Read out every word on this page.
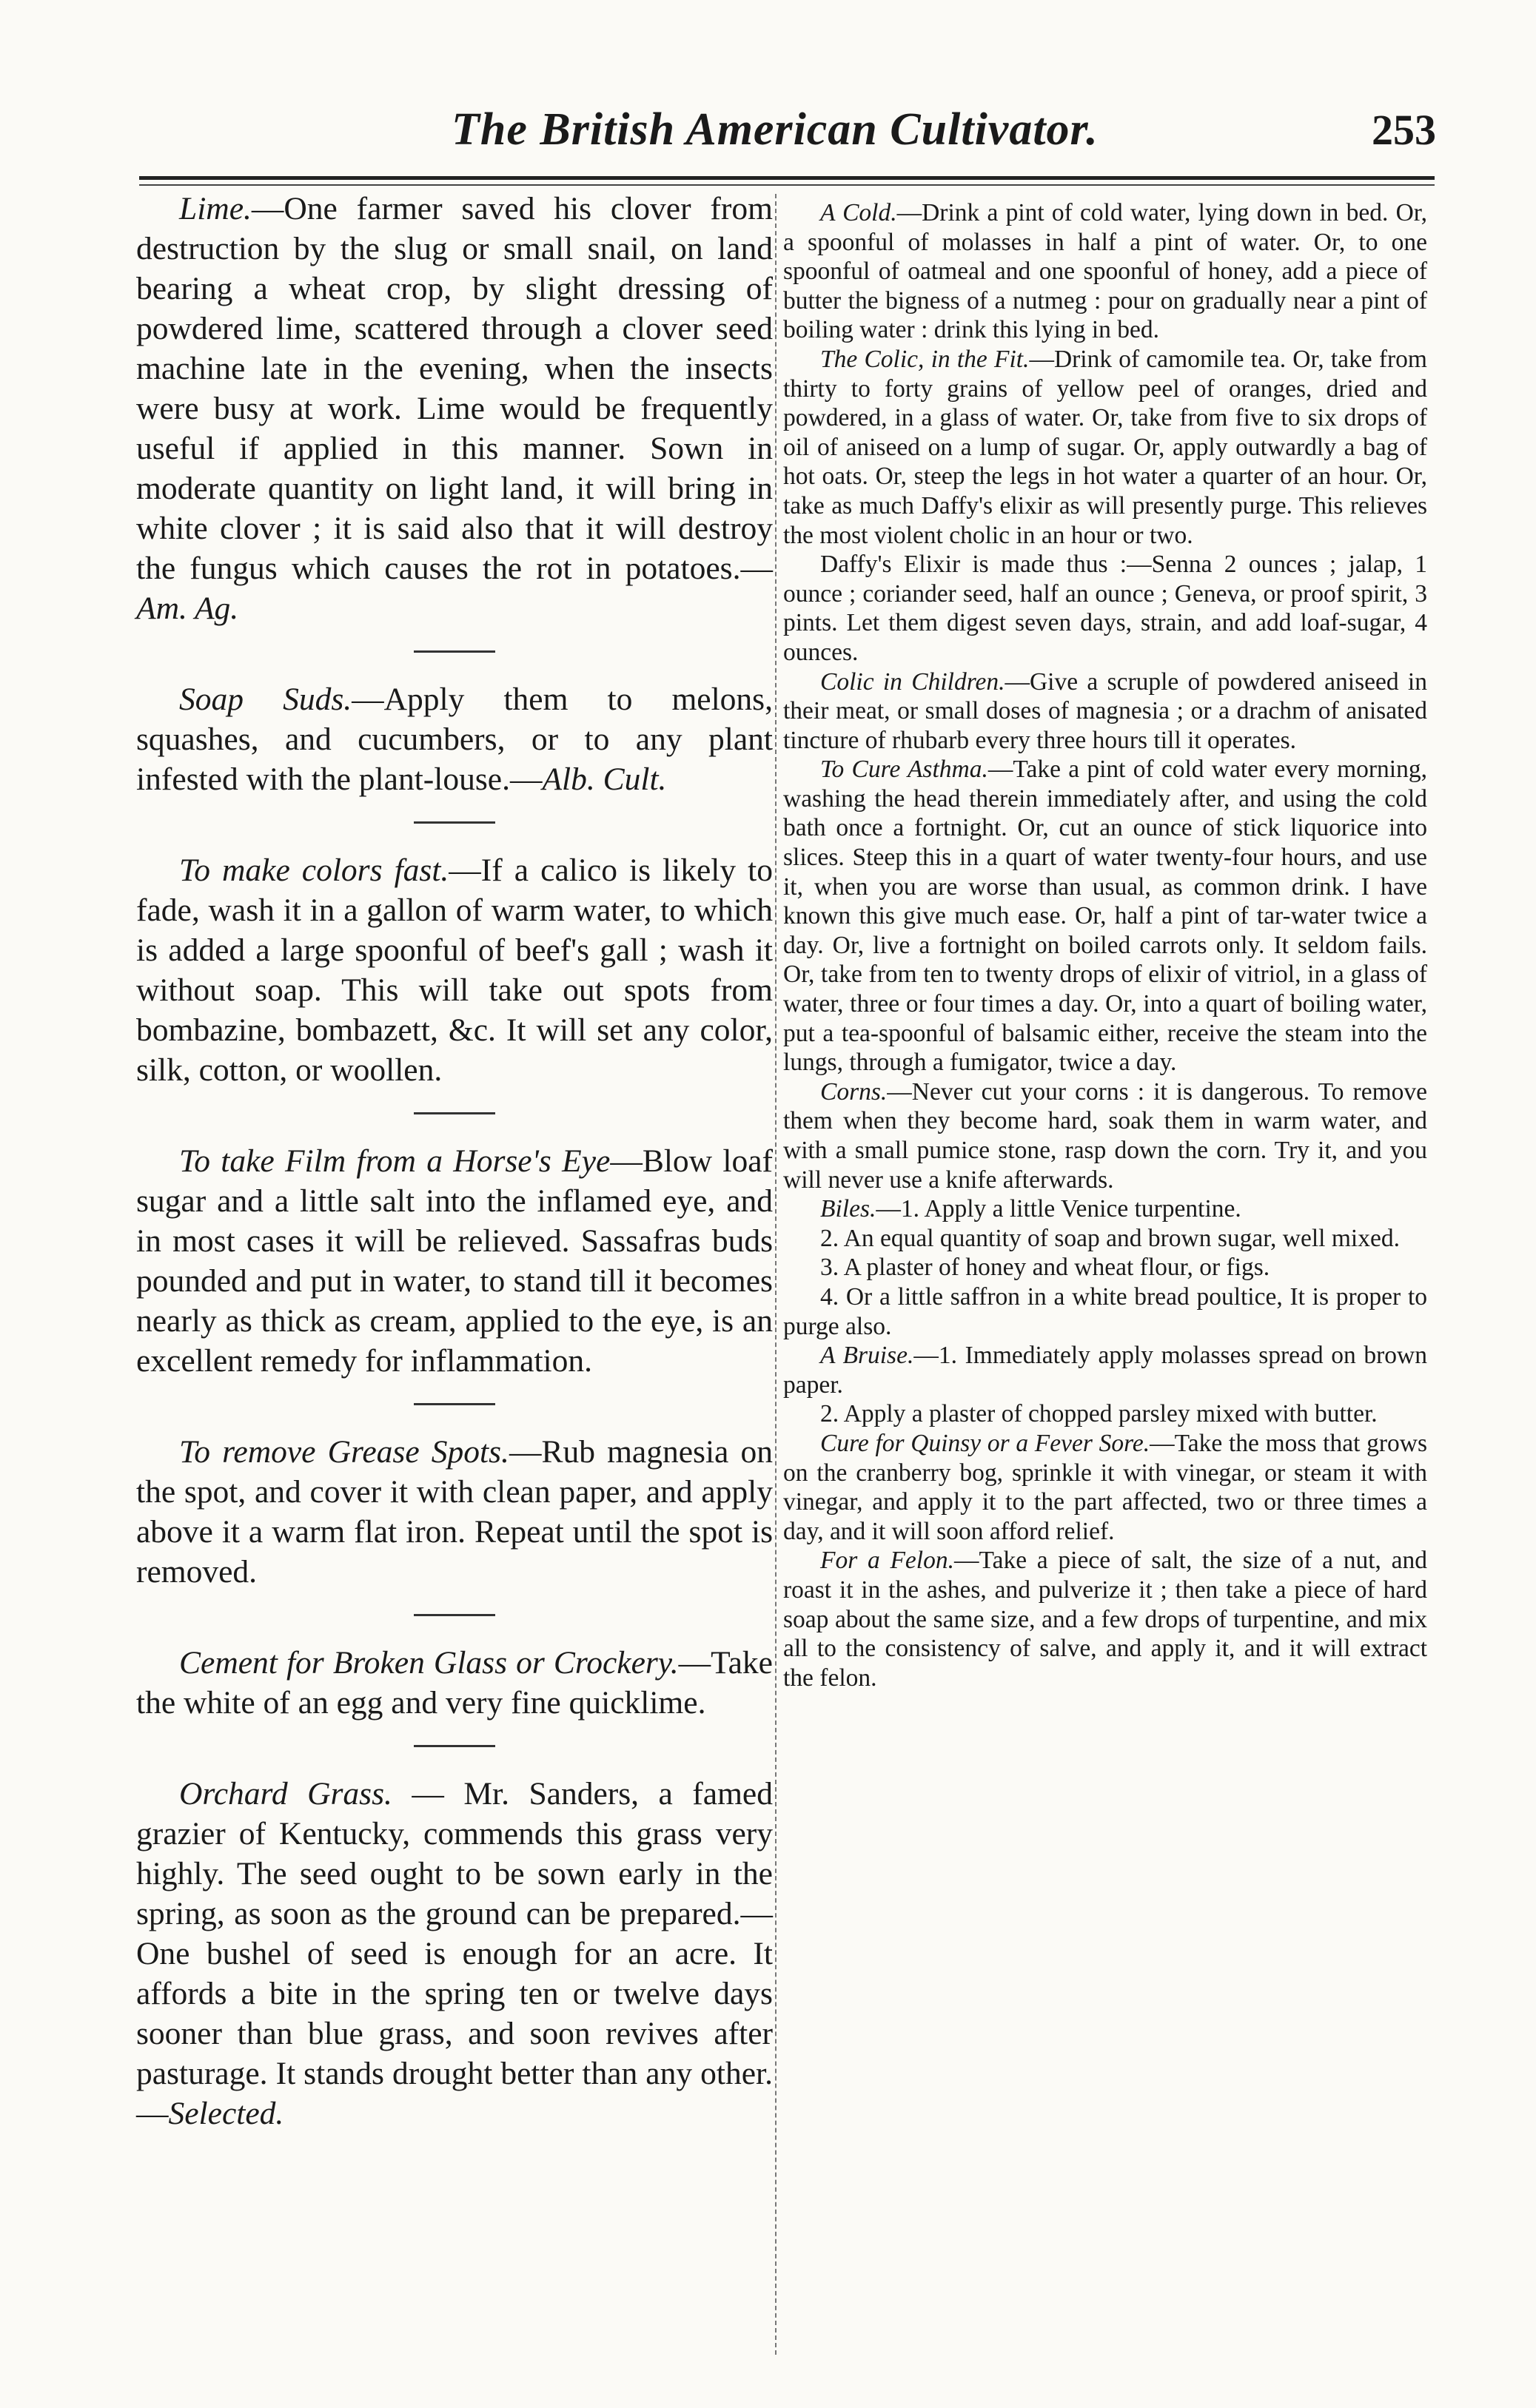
The British American Cultivator.	253

Lime.—One farmer saved his clover from destruction by the slug or small snail, on land bearing a wheat crop, by slight dressing of powdered lime, scattered through a clover seed machine late in the evening, when the insects were busy at work. Lime would be frequently useful if applied in this manner. Sown in moderate quantity on light land, it will bring in white clover ; it is said also that it will destroy the fungus which causes the rot in potatoes.—Am. Ag.

Soap Suds.—Apply them to melons, squashes, and cucumbers, or to any plant infested with the plant-louse.—Alb. Cult.

To make colors fast.—If a calico is likely to fade, wash it in a gallon of warm water, to which is added a large spoonful of beef's gall ; wash it without soap. This will take out spots from bombazine, bombazett, &c. It will set any color, silk, cotton, or woollen.

To take Film from a Horse's Eye—Blow loaf sugar and a little salt into the inflamed eye, and in most cases it will be relieved. Sassafras buds pounded and put in water, to stand till it becomes nearly as thick as cream, applied to the eye, is an excellent remedy for inflammation.

To remove Grease Spots.—Rub magnesia on the spot, and cover it with clean paper, and apply above it a warm flat iron. Repeat until the spot is removed.

Cement for Broken Glass or Crockery.—Take the white of an egg and very fine quicklime.

Orchard Grass. — Mr. Sanders, a famed grazier of Kentucky, commends this grass very highly. The seed ought to be sown early in the spring, as soon as the ground can be prepared.— One bushel of seed is enough for an acre. It affords a bite in the spring ten or twelve days sooner than blue grass, and soon revives after pasturage. It stands drought better than any other.—Selected.

A Cold.—Drink a pint of cold water, lying down in bed. Or, a spoonful of molasses in half a pint of water. Or, to one spoonful of oatmeal and one spoonful of honey, add a piece of butter the bigness of a nutmeg : pour on gradually near a pint of boiling water : drink this lying in bed.

The Colic, in the Fit.—Drink of camomile tea. Or, take from thirty to forty grains of yellow peel of oranges, dried and powdered, in a glass of water. Or, take from five to six drops of oil of aniseed on a lump of sugar. Or, apply outwardly a bag of hot oats. Or, steep the legs in hot water a quarter of an hour. Or, take as much Daffy's elixir as will presently purge. This relieves the most violent cholic in an hour or two.

Daffy's Elixir is made thus :—Senna 2 ounces ; jalap, 1 ounce ; coriander seed, half an ounce ; Geneva, or proof spirit, 3 pints. Let them digest seven days, strain, and add loaf-sugar, 4 ounces.

Colic in Children.—Give a scruple of powdered aniseed in their meat, or small doses of magnesia ; or a drachm of anisated tincture of rhubarb every three hours till it operates.

To Cure Asthma.—Take a pint of cold water every morning, washing the head therein immediately after, and using the cold bath once a fortnight. Or, cut an ounce of stick liquorice into slices. Steep this in a quart of water twenty-four hours, and use it, when you are worse than usual, as common drink. I have known this give much ease. Or, half a pint of tar-water twice a day. Or, live a fortnight on boiled carrots only. It seldom fails. Or, take from ten to twenty drops of elixir of vitriol, in a glass of water, three or four times a day. Or, into a quart of boiling water, put a tea-spoonful of balsamic either, receive the steam into the lungs, through a fumigator, twice a day.

Corns.—Never cut your corns : it is dangerous. To remove them when they become hard, soak them in warm water, and with a small pumice stone, rasp down the corn. Try it, and you will never use a knife afterwards.

Biles.—1. Apply a little Venice turpentine.

2. An equal quantity of soap and brown sugar, well mixed.

3. A plaster of honey and wheat flour, or figs.

4. Or a little saffron in a white bread poultice, It is proper to purge also.

A Bruise.—1. Immediately apply molasses spread on brown paper.

2. Apply a plaster of chopped parsley mixed with butter.

Cure for Quinsy or a Fever Sore.—Take the moss that grows on the cranberry bog, sprinkle it with vinegar, or steam it with vinegar, and apply it to the part affected, two or three times a day, and it will soon afford relief.

For a Felon.—Take a piece of salt, the size of a nut, and roast it in the ashes, and pulverize it ; then take a piece of hard soap about the same size, and a few drops of turpentine, and mix all to the consistency of salve, and apply it, and it will extract the felon.
